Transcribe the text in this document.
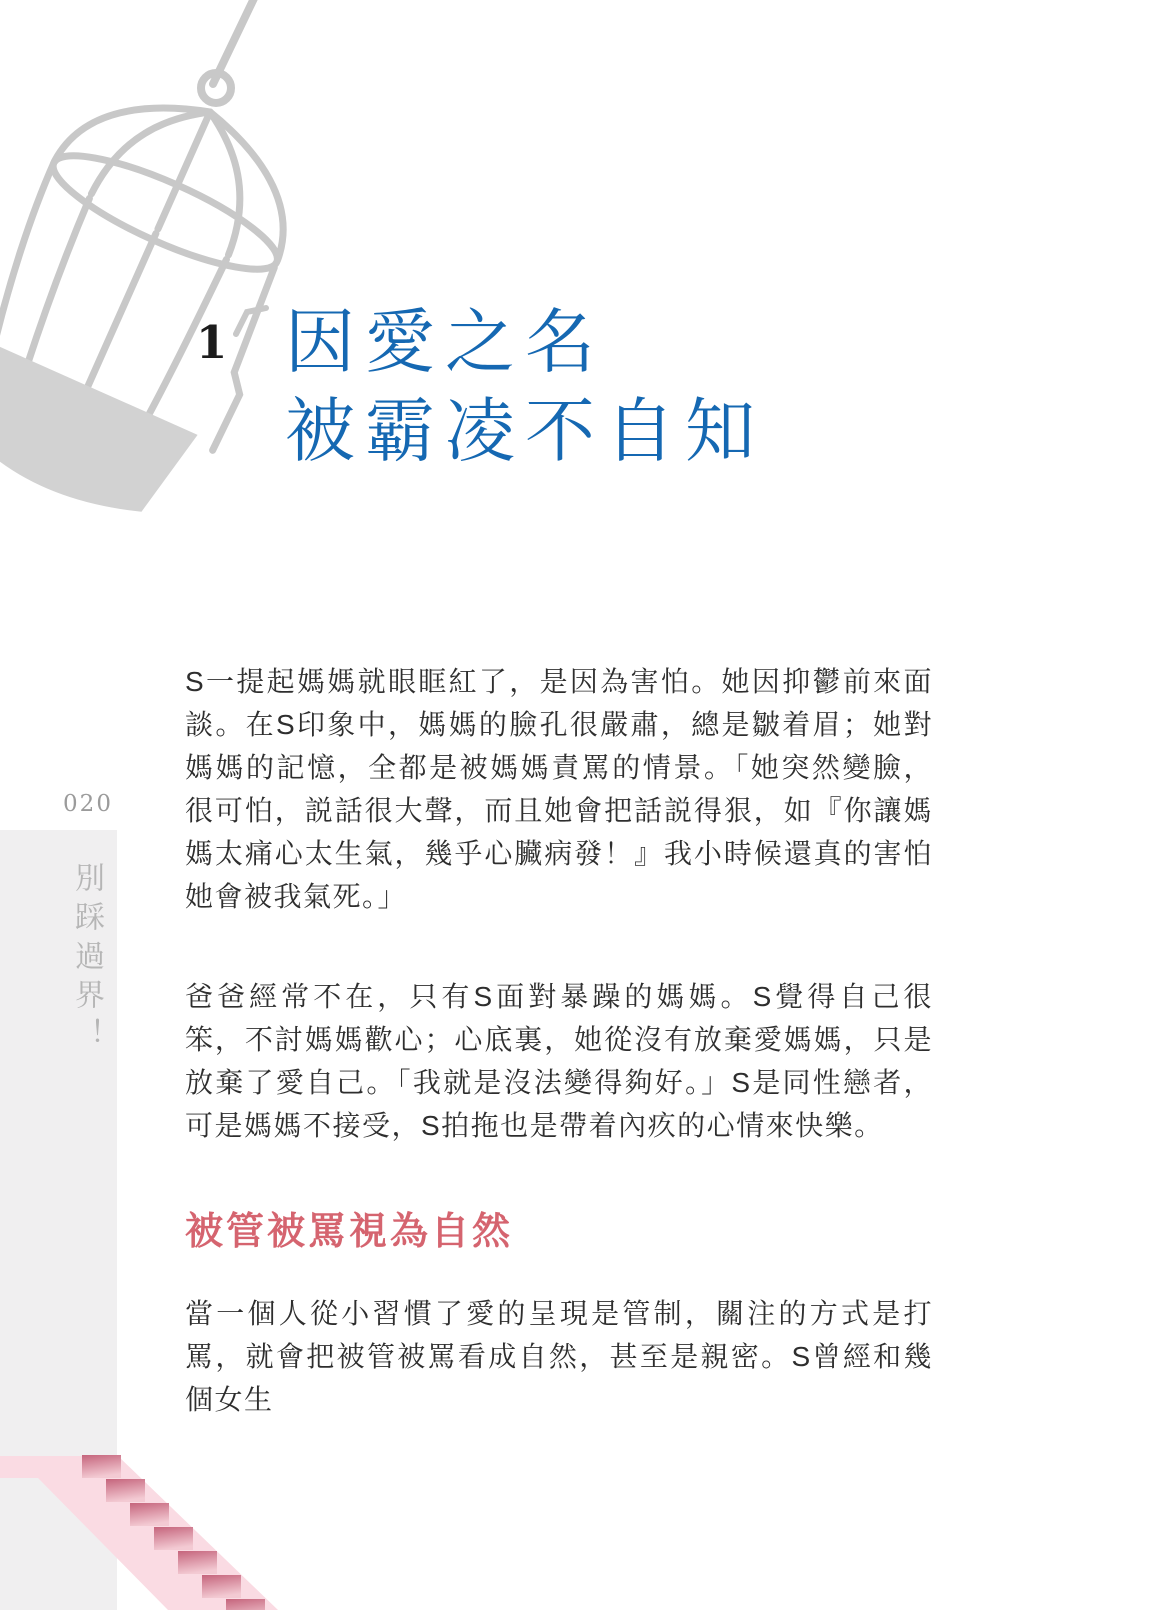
020
別踩過界！
1 因愛之名
被霸凌不自知

S一提起媽媽就眼眶紅了，是因為害怕。她因抑鬱前來面談。在S印象中，媽媽的臉孔很嚴肅，總是皺着眉；她對媽媽的記憶，全都是被媽媽責罵的情景。「她突然變臉，很可怕，説話很大聲，而且她會把話説得狠，如『你讓媽媽太痛心太生氣，幾乎心臟病發！』我小時候還真的害怕她會被我氣死。」

爸爸經常不在，只有S面對暴躁的媽媽。S覺得自己很笨，不討媽媽歡心；心底裏，她從沒有放棄愛媽媽，只是放棄了愛自己。「我就是沒法變得夠好。」S是同性戀者，可是媽媽不接受，S拍拖也是帶着內疚的心情來快樂。

被管被罵視為自然

當一個人從小習慣了愛的呈現是管制，關注的方式是打罵，就會把被管被罵看成自然，甚至是親密。S曾經和幾個女生
